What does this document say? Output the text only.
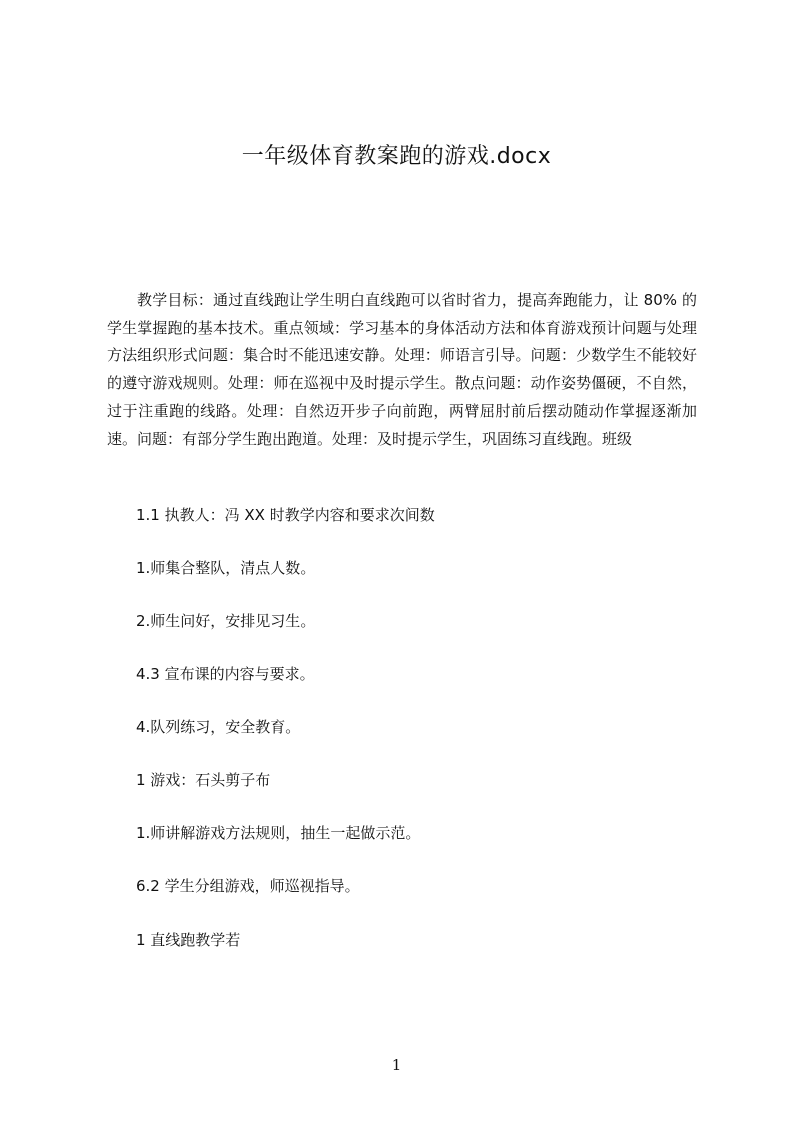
一年级体育教案跑的游戏.docx
教学目标：通过直线跑让学生明白直线跑可以省时省力，提高奔跑能力，让 80% 的学生掌握跑的基本技术。重点领域：学习基本的身体活动方法和体育游戏预计问题与处理方法组织形式问题：集合时不能迅速安静。处理：师语言引导。问题：少数学生不能较好的遵守游戏规则。处理：师在巡视中及时提示学生。散点问题：动作姿势僵硬，不自然，过于注重跑的线路。处理：自然迈开步子向前跑，两臂屈肘前后摆动随动作掌握逐渐加速。问题：有部分学生跑出跑道。处理：及时提示学生，巩固练习直线跑。班级
1.1 执教人：冯 XX 时教学内容和要求次间数
1.师集合整队，清点人数。
2.师生问好，安排见习生。
4.3 宣布课的内容与要求。
4.队列练习，安全教育。
1 游戏：石头剪子布
1.师讲解游戏方法规则，抽生一起做示范。
6.2 学生分组游戏，师巡视指导。
1 直线跑教学若
1
